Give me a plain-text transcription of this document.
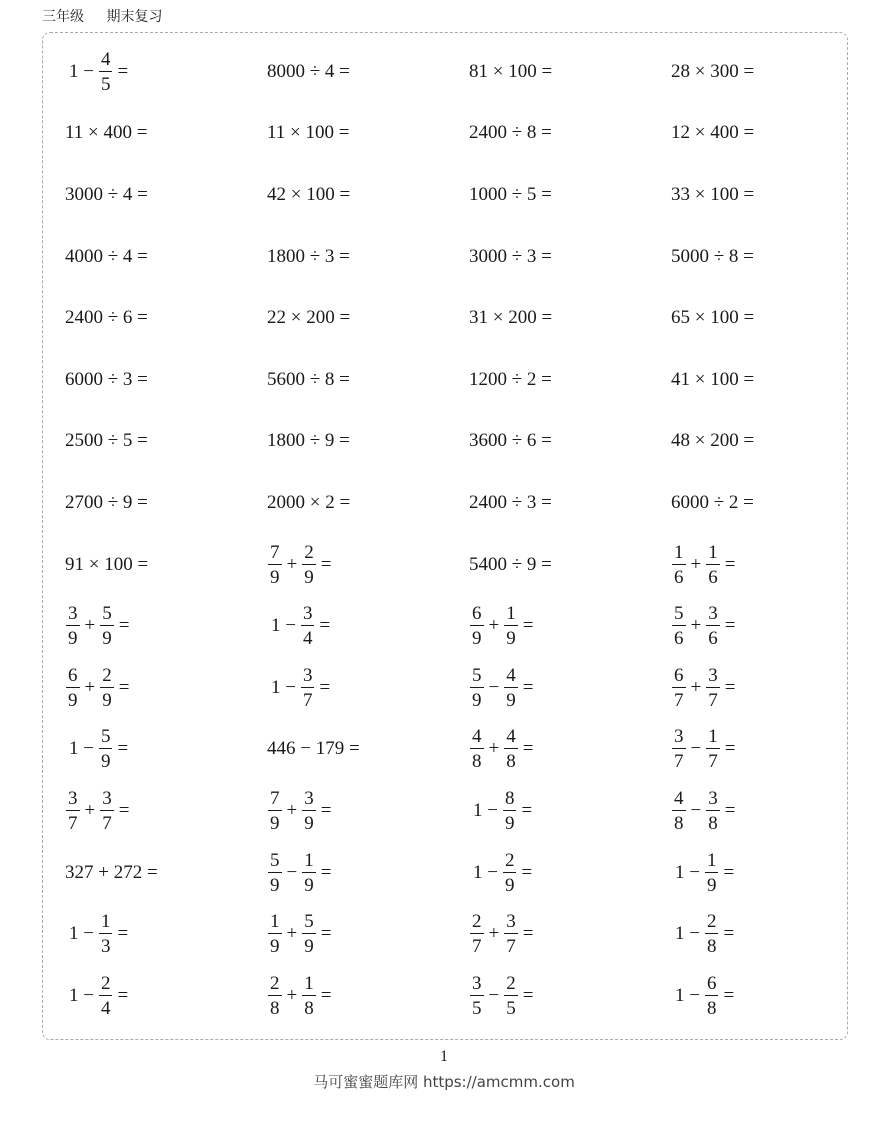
三年级 期末复习
$1 - \frac{4}{5}$ =	8000 ÷ 4 =	81 × 100 =	28 × 300 =
11 × 400 =	11 × 100 =	2400 ÷ 8 =	12 × 400 =
3000 ÷ 4 =	42 × 100 =	1000 ÷ 5 =	33 × 100 =
4000 ÷ 4 =	1800 ÷ 3 =	3000 ÷ 3 =	5000 ÷ 8 =
2400 ÷ 6 =	22 × 200 =	31 × 200 =	65 × 100 =
6000 ÷ 3 =	5600 ÷ 8 =	1200 ÷ 2 =	41 × 100 =
2500 ÷ 5 =	1800 ÷ 9 =	3600 ÷ 6 =	48 × 200 =
2700 ÷ 9 =	2000 × 2 =	2400 ÷ 3 =	6000 ÷ 2 =
91 × 100 =	$\frac{7}{9} + \frac{2}{9}$ =	5400 ÷ 9 =	$\frac{1}{6} + \frac{1}{6}$ =
$\frac{3}{9} + \frac{5}{9}$ =	$1 - \frac{3}{4}$ =	$\frac{6}{9} + \frac{1}{9}$ =	$\frac{5}{6} + \frac{3}{6}$ =
$\frac{6}{9} + \frac{2}{9}$ =	$1 - \frac{3}{7}$ =	$\frac{5}{9} - \frac{4}{9}$ =	$\frac{6}{7} + \frac{3}{7}$ =
$1 - \frac{5}{9}$ =	446 − 179 =	$\frac{4}{8} + \frac{4}{8}$ =	$\frac{3}{7} - \frac{1}{7}$ =
$\frac{3}{7} + \frac{3}{7}$ =	$\frac{7}{9} + \frac{3}{9}$ =	$1 - \frac{8}{9}$ =	$\frac{4}{8} - \frac{3}{8}$ =
327 + 272 =	$\frac{5}{9} - \frac{1}{9}$ =	$1 - \frac{2}{9}$ =	$1 - \frac{1}{9}$ =
$1 - \frac{1}{3}$ =	$\frac{1}{9} + \frac{5}{9}$ =	$\frac{2}{7} + \frac{3}{7}$ =	$1 - \frac{2}{8}$ =
$1 - \frac{2}{4}$ =	$\frac{2}{8} + \frac{1}{8}$ =	$\frac{3}{5} - \frac{2}{5}$ =	$1 - \frac{6}{8}$ =
1
马可蜜蜜题库网 https://amcmm.com
